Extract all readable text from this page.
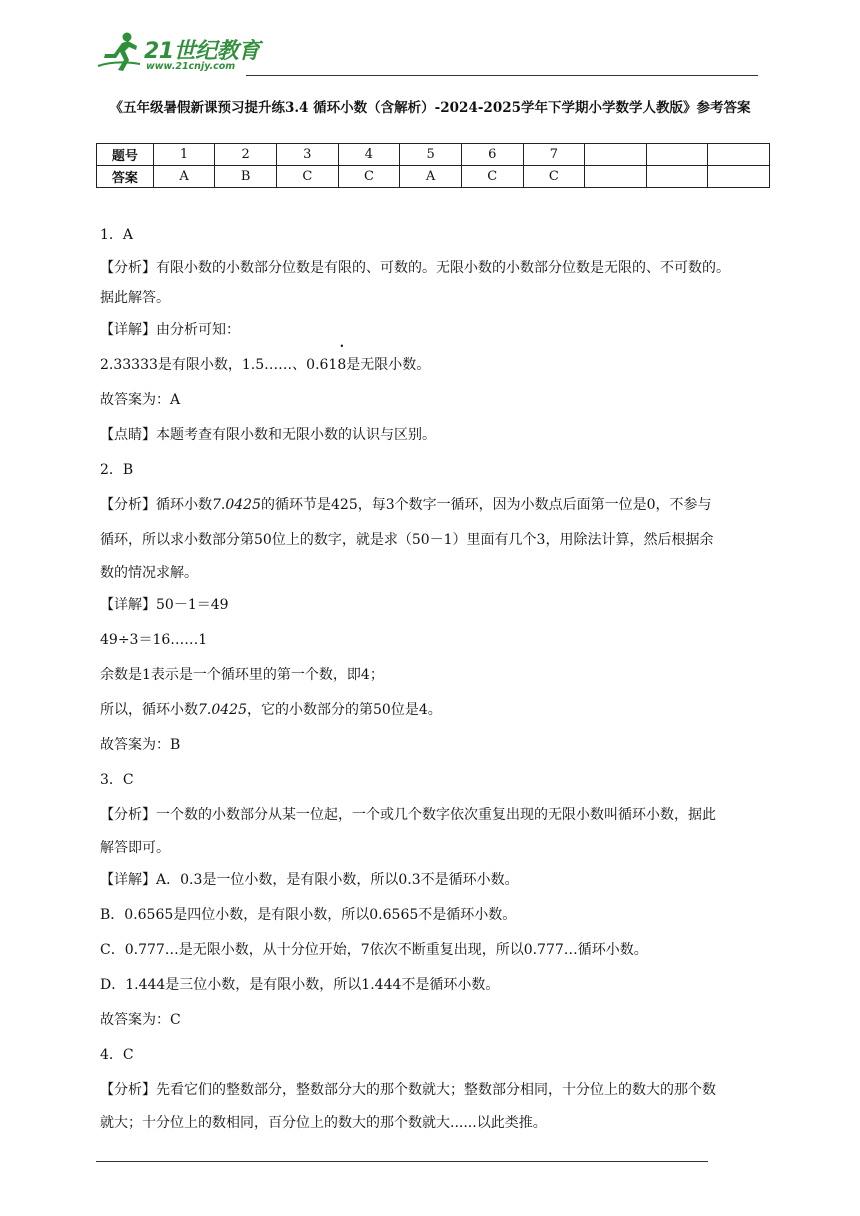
21世纪教育
www.21cnjy.com
《五年级暑假新课预习提升练3.4 循环小数（含解析）-2024-2025学年下学期小学数学人教版》参考答案
题号	1	2	3	4	5	6	7			
答案	A	B	C	C	A	C	C			

1．A

【分析】有限小数的小数部分位数是有限的、可数的。无限小数的小数部分位数是无限的、不可数的。

据此解答。

【详解】由分析可知：

2.33333是有限小数，1.5……、0.61• 8是无限小数。

故答案为：A

【点睛】本题考查有限小数和无限小数的认识与区别。

2．B

【分析】循环小数7.0425的循环节是425，每3个数字一循环，因为小数点后面第一位是0，不参与

循环，所以求小数部分第50位上的数字，就是求（50－1）里面有几个3，用除法计算，然后根据余

数的情况求解。

【详解】50－1＝49

49÷3＝16……1

余数是1表示是一个循环里的第一个数，即4；

所以，循环小数7.0425，它的小数部分的第50位是4。

故答案为：B

3．C

【分析】一个数的小数部分从某一位起，一个或几个数字依次重复出现的无限小数叫循环小数，据此

解答即可。

【详解】A．0.3是一位小数，是有限小数，所以0.3不是循环小数。

B．0.6565是四位小数，是有限小数，所以0.6565不是循环小数。

C．0.777…是无限小数，从十分位开始，7依次不断重复出现，所以0.777…循环小数。

D．1.444是三位小数，是有限小数，所以1.444不是循环小数。

故答案为：C

4．C

【分析】先看它们的整数部分，整数部分大的那个数就大；整数部分相同，十分位上的数大的那个数

就大；十分位上的数相同，百分位上的数大的那个数就大......以此类推。
